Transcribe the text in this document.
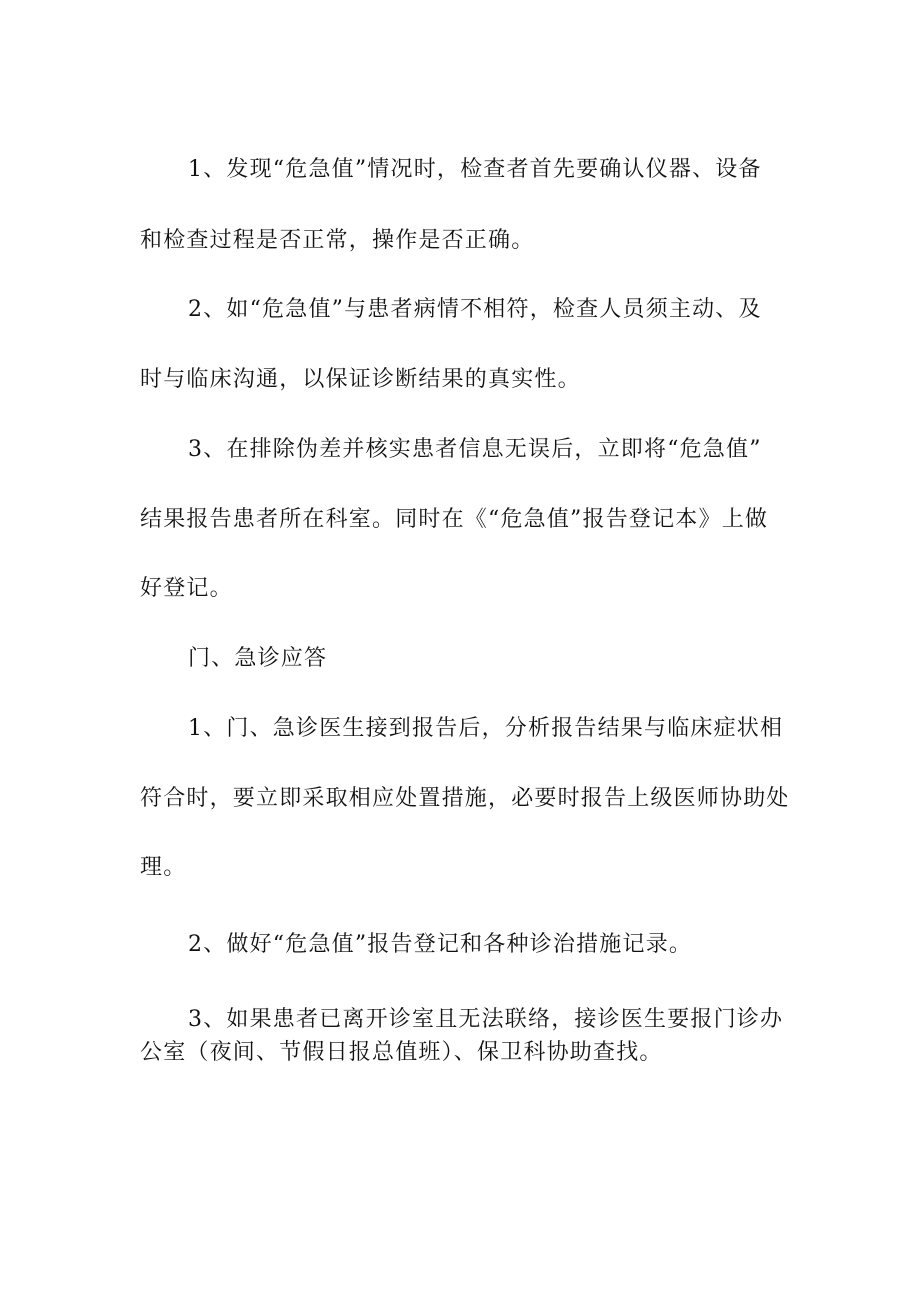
1、发现“危急值”情况时，检查者首先要确认仪器、设备
和检查过程是否正常，操作是否正确。
2、如“危急值”与患者病情不相符，检查人员须主动、及
时与临床沟通，以保证诊断结果的真实性。
3、在排除伪差并核实患者信息无误后，立即将“危急值”
结果报告患者所在科室。同时在《“危急值”报告登记本》上做
好登记。
门、急诊应答
1、门、急诊医生接到报告后，分析报告结果与临床症状相
符合时，要立即采取相应处置措施，必要时报告上级医师协助处
理。
2、做好“危急值”报告登记和各种诊治措施记录。
3、如果患者已离开诊室且无法联络，接诊医生要报门诊办
公室（夜间、节假日报总值班）、保卫科协助查找。
